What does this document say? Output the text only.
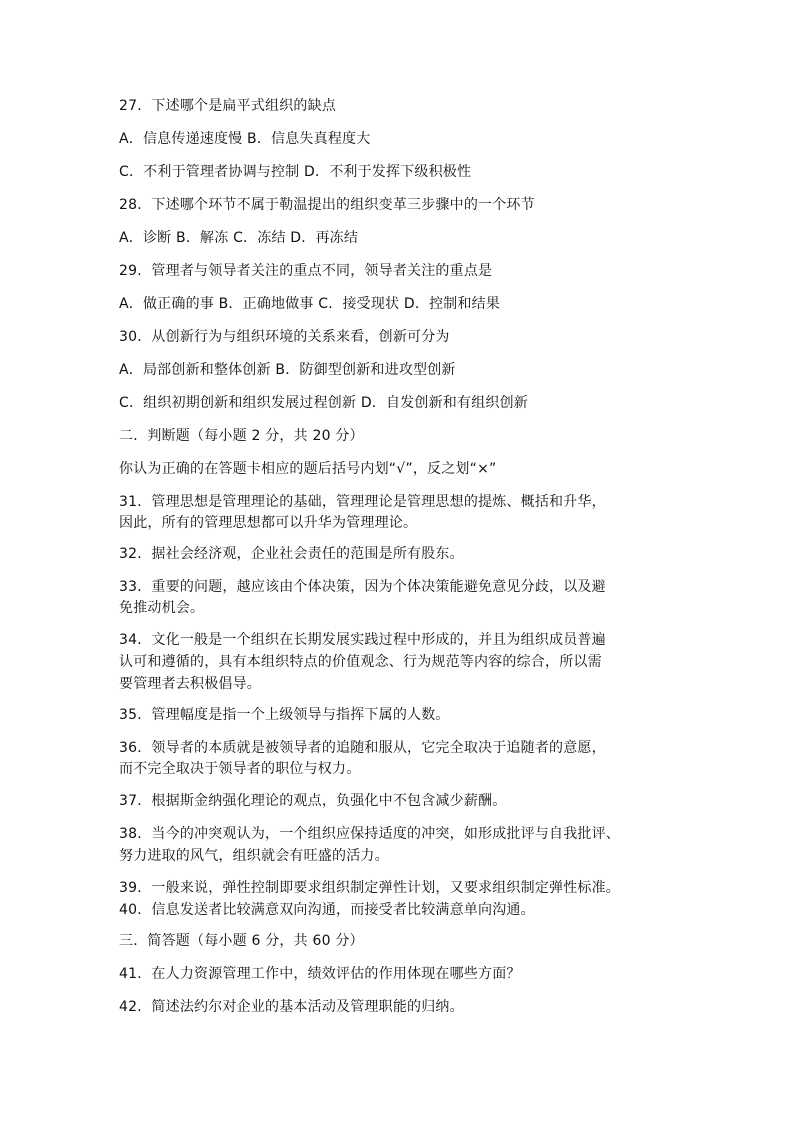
27．下述哪个是扁平式组织的缺点
A．信息传递速度慢 B．信息失真程度大
C．不利于管理者协调与控制 D．不利于发挥下级积极性
28．下述哪个环节不属于勒温提出的组织变革三步骤中的一个环节
A．诊断 B．解冻 C．冻结 D．再冻结
29．管理者与领导者关注的重点不同，领导者关注的重点是
A．做正确的事 B．正确地做事 C．接受现状 D．控制和结果
30．从创新行为与组织环境的关系来看，创新可分为
A．局部创新和整体创新 B．防御型创新和进攻型创新
C．组织初期创新和组织发展过程创新 D．自发创新和有组织创新
二．判断题（每小题 2 分，共 20 分）
你认为正确的在答题卡相应的题后括号内划“√”，反之划“×”
31．管理思想是管理理论的基础，管理理论是管理思想的提炼、概括和升华，
因此，所有的管理思想都可以升华为管理理论。
32．据社会经济观，企业社会责任的范围是所有股东。
33．重要的问题，越应该由个体决策，因为个体决策能避免意见分歧，以及避
免推动机会。
34．文化一般是一个组织在长期发展实践过程中形成的，并且为组织成员普遍
认可和遵循的，具有本组织特点的价值观念、行为规范等内容的综合，所以需
要管理者去积极倡导。
35．管理幅度是指一个上级领导与指挥下属的人数。
36．领导者的本质就是被领导者的追随和服从，它完全取决于追随者的意愿，
而不完全取决于领导者的职位与权力。
37．根据斯金纳强化理论的观点，负强化中不包含减少薪酬。
38．当今的冲突观认为，一个组织应保持适度的冲突，如形成批评与自我批评、
努力进取的风气，组织就会有旺盛的活力。
39．一般来说，弹性控制即要求组织制定弹性计划，又要求组织制定弹性标准。
40．信息发送者比较满意双向沟通，而接受者比较满意单向沟通。
三．简答题（每小题 6 分，共 60 分）
41．在人力资源管理工作中，绩效评估的作用体现在哪些方面？
42．简述法约尔对企业的基本活动及管理职能的归纳。
